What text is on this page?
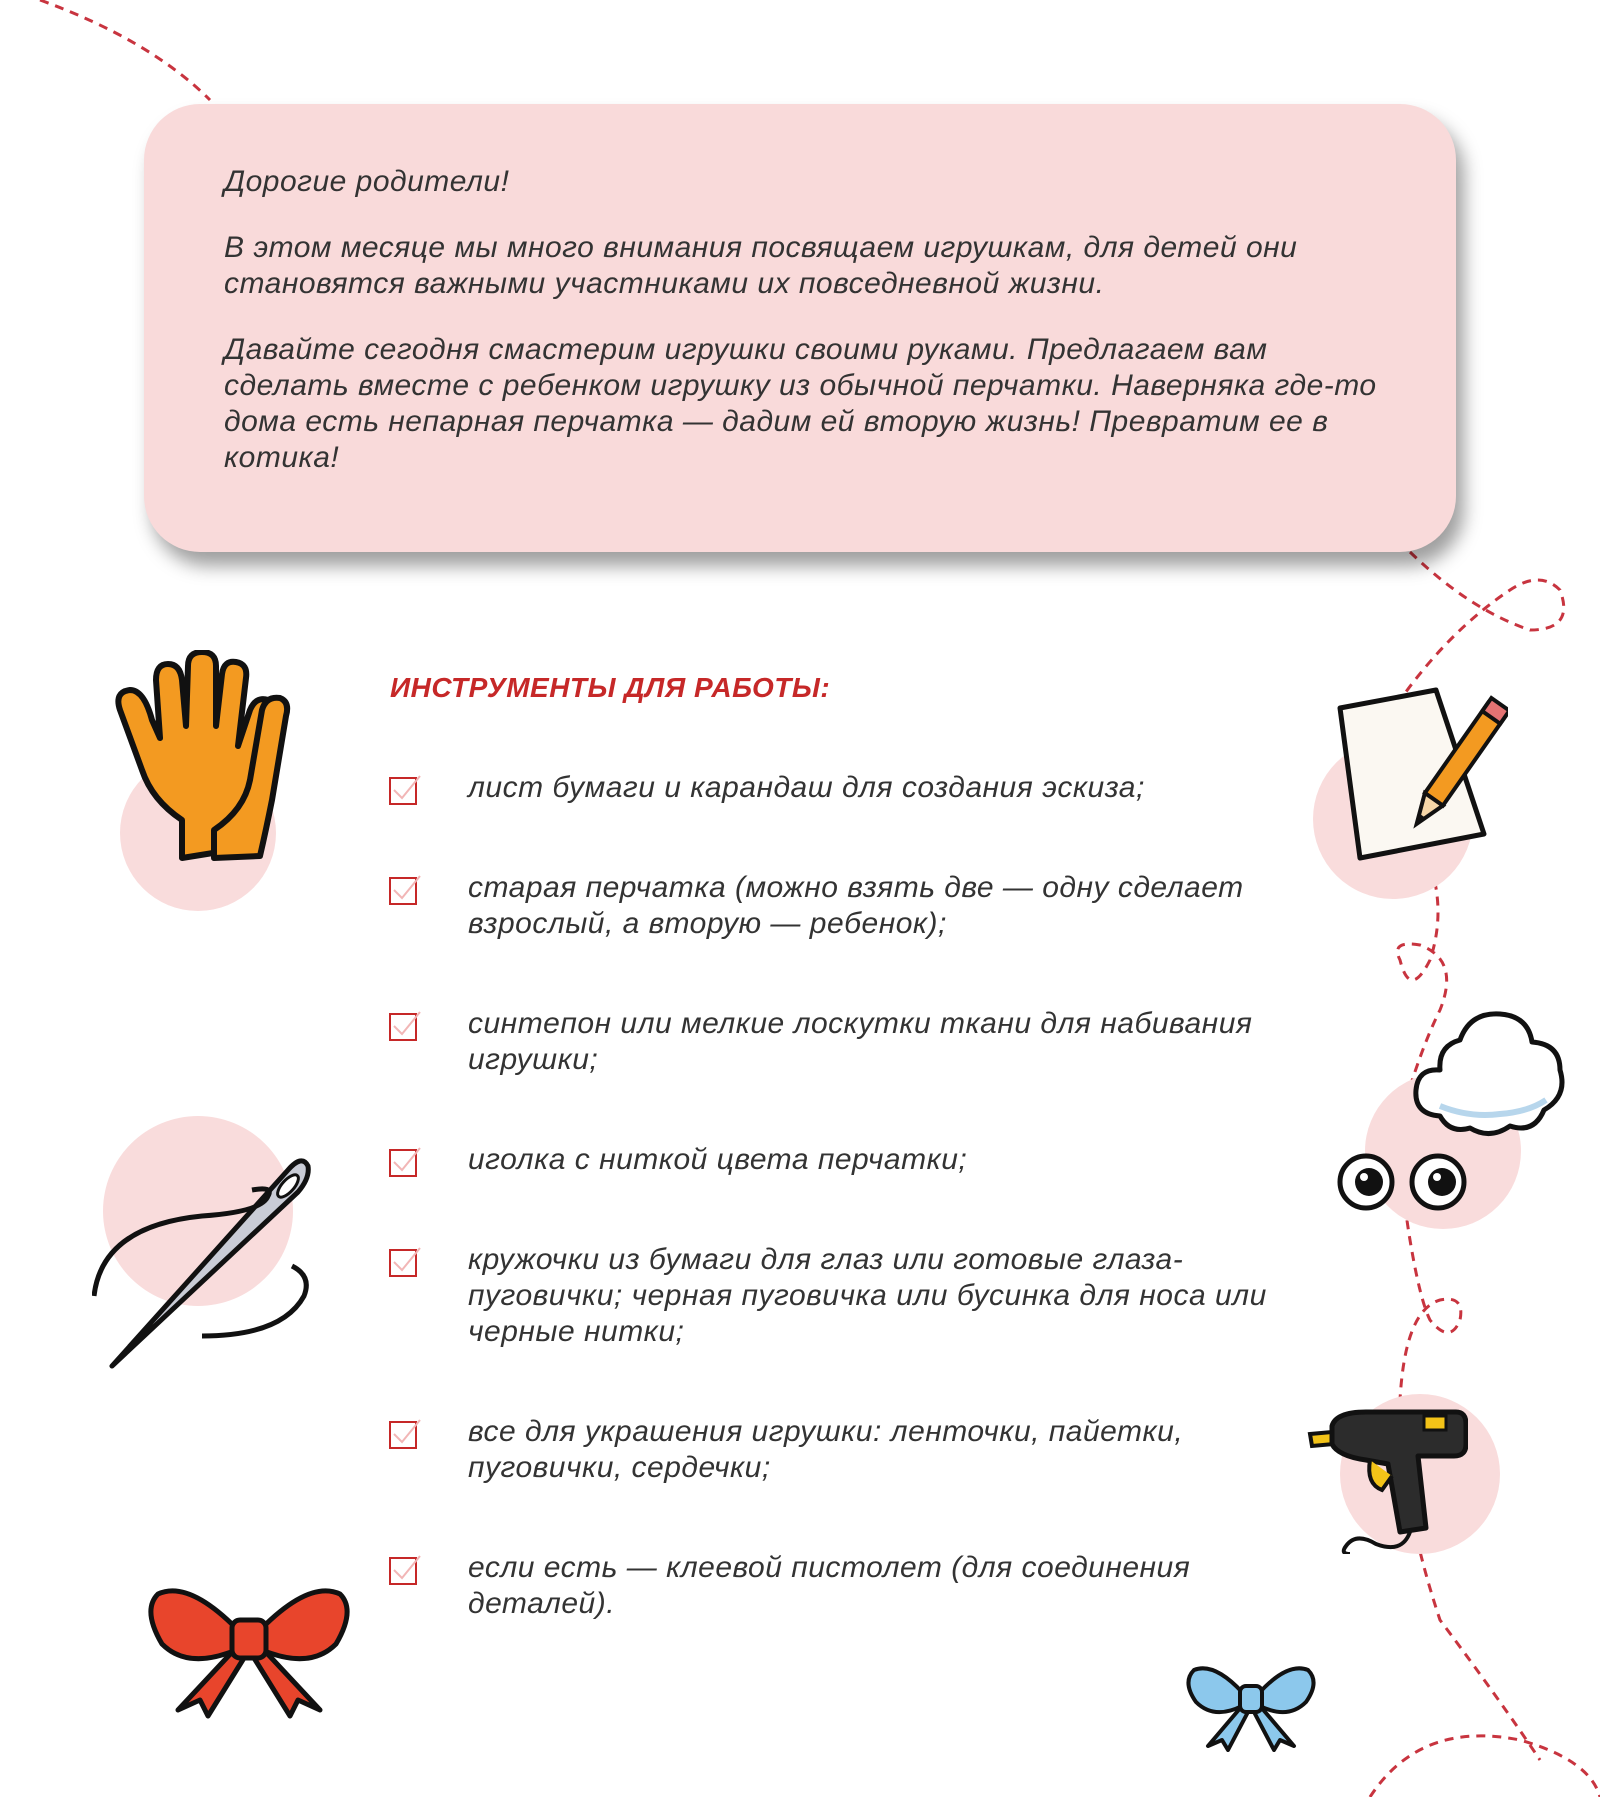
Дорогие родители!

В этом месяце мы много внимания посвящаем игрушкам, для детей они становятся важными участниками их повседневной жизни.

Давайте сегодня смастерим игрушки своими руками. Предлагаем вам сделать вместе с ребенком игрушку из обычной перчатки. Наверняка где-то дома есть непарная перчатка — дадим ей вторую жизнь! Превратим ее в котика!

ИНСТРУМЕНТЫ ДЛЯ РАБОТЫ:
лист бумаги и карандаш для создания эскиза;
старая перчатка (можно взять две — одну сделает взрослый, а вторую — ребенок);
синтепон или мелкие лоскутки ткани для набивания игрушки;
иголка с ниткой цвета перчатки;
кружочки из бумаги для глаз или готовые глаза-пуговички; черная пуговичка или бусинка для носа или черные нитки;
все для украшения игрушки: ленточки, пайетки, пуговички, сердечки;
если есть — клеевой пистолет (для соединения деталей).
